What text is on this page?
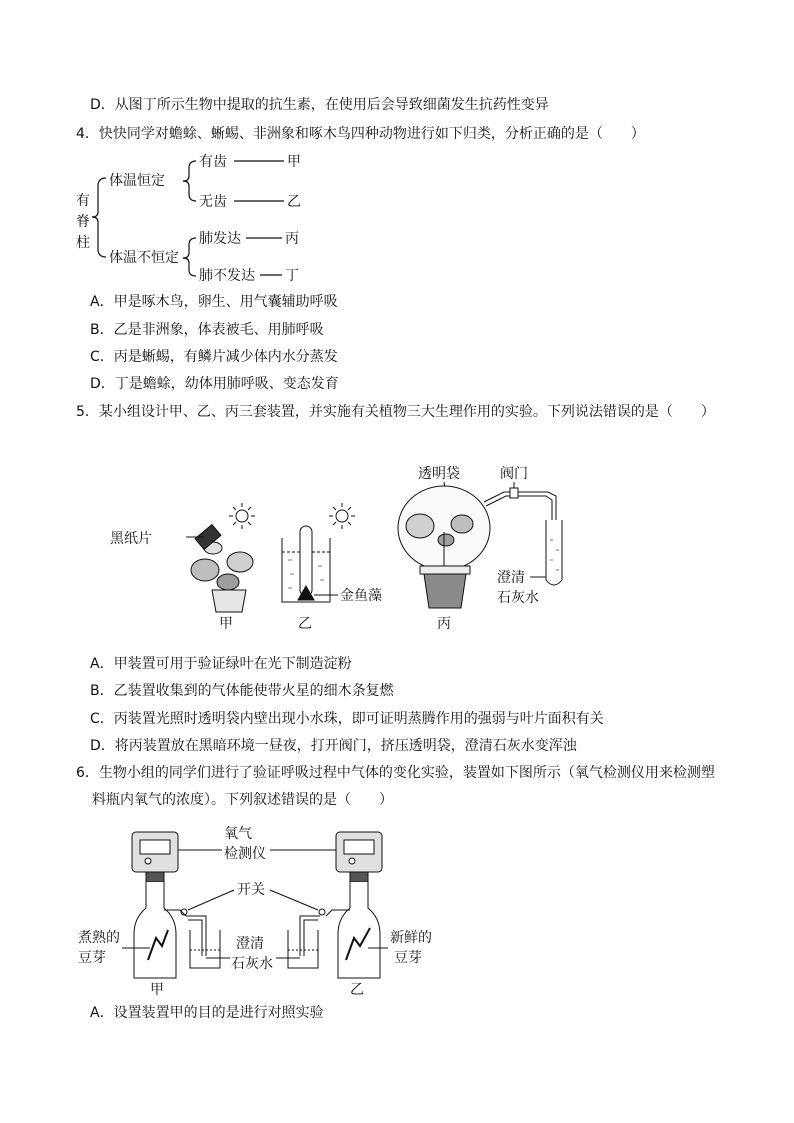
D．从图丁所示生物中提取的抗生素，在使用后会导致细菌发生抗药性变异
4．快快同学对蟾蜍、蜥蜴、非洲象和啄木鸟四种动物进行如下归类，分析正确的是（　　）
有
脊
柱
体温恒定
体温不恒定
有齿	甲
无齿	乙
肺发达	丙
肺不发达 丁
A．甲是啄木鸟，卵生、用气囊辅助呼吸
B．乙是非洲象，体表被毛、用肺呼吸
C．丙是蜥蜴，有鳞片减少体内水分蒸发
D．丁是蟾蜍，幼体用肺呼吸、变态发育
5．某小组设计甲、乙、丙三套装置，并实施有关植物三大生理作用的实验。下列说法错误的是（　　）
黑纸片
甲
金鱼藻
乙
透明袋	阀门
澄清
石灰水
丙
A．甲装置可用于验证绿叶在光下制造淀粉
B．乙装置收集到的气体能使带火星的细木条复燃
C．丙装置光照时透明袋内壁出现小水珠，即可证明蒸腾作用的强弱与叶片面积有关
D．将丙装置放在黑暗环境一昼夜，打开阀门，挤压透明袋，澄清石灰水变浑浊
6．生物小组的同学们进行了验证呼吸过程中气体的变化实验，装置如下图所示（氧气检测仪用来检测塑
料瓶内氧气的浓度）。下列叙述错误的是（　　）
氧气
检测仪
开关
煮熟的
豆芽
澄清
石灰水
新鲜的
豆芽
甲	乙
A．设置装置甲的目的是进行对照实验
